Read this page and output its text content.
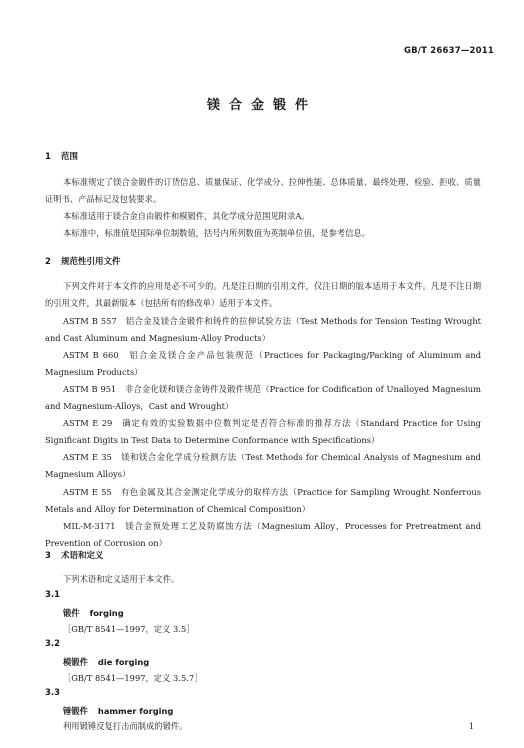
GB/T 26637—2011
镁合金锻件
1 范围

本标准规定了镁合金锻件的订货信息、质量保证、化学成分、拉伸性能、总体质量、最终处理、检验、拒收、质量证明书、产品标记及包装要求。

本标准适用于镁合金自由锻件和模锻件，其化学成分范围见附录A。

本标准中，标准值是国际单位制数值，括号内所列数值为英制单位值，是参考信息。

2 规范性引用文件

下列文件对于本文件的应用是必不可少的。凡是注日期的引用文件，仅注日期的版本适用于本文件。凡是不注日期的引用文件，其最新版本（包括所有的修改单）适用于本文件。

ASTM B 557　铝合金及镁合金锻件和铸件的拉伸试验方法（Test Methods for Tension Testing Wrought and Cast Aluminum and Magnesium-Alloy Products）

ASTM B 660　铝合金及镁合金产品包装规范（Practices for Packaging/Packing of Aluminum and Magnesium Products）

ASTM B 951　非合金化镁和镁合金铸件及锻件规范（Practice for Codification of Unalloyed Magnesium and Magnesium-Alloys，Cast and Wrought）

ASTM E 29　确定有效的实验数据中位数判定是否符合标准的推荐方法（Standard Practice for Using Significant Digits in Test Data to Determine Conformance with Specifications）

ASTM E 35　镁和镁合金化学成分检测方法（Test Methods for Chemical Analysis of Magnesium and Magnesium Alloys）

ASTM E 55　有色金属及其合金测定化学成分的取样方法（Practice for Sampling Wrought Nonferrous Metals and Alloy for Determination of Chemical Composition）

MIL-M-3171　镁合金预处理工艺及防腐蚀方法（Magnesium Alloy，Processes for Pretreatment and Prevention of Corrosion on）

3 术语和定义
下列术语和定义适用于本文件。
3.1
锻件 forging
［GB/T 8541—1997，定义 3.5］
3.2
模锻件 die forging
［GB/T 8541—1997，定义 3.5.7］
3.3
锤锻件 hammer forging
利用锻锤反复打击而制成的锻件。	1
